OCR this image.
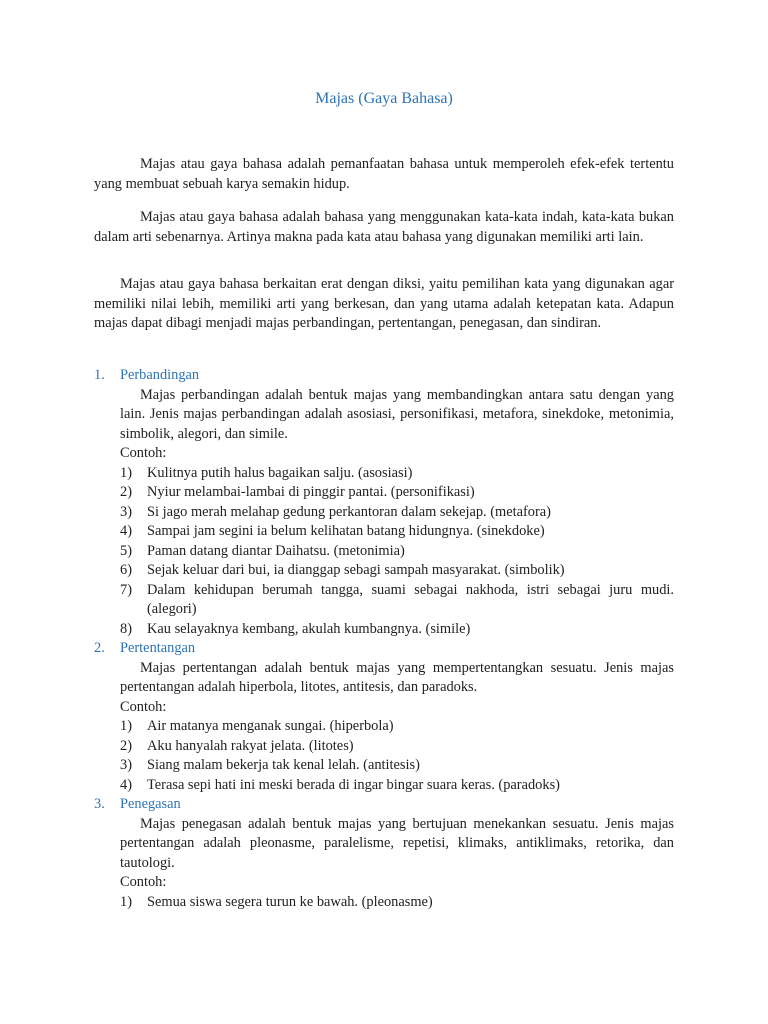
Majas (Gaya Bahasa)

Majas atau gaya bahasa adalah pemanfaatan bahasa untuk memperoleh efek-efek tertentu yang membuat sebuah karya semakin hidup.

Majas atau gaya bahasa adalah bahasa yang menggunakan kata-kata indah, kata-kata bukan dalam arti sebenarnya. Artinya makna pada kata atau bahasa yang digunakan memiliki arti lain.

Majas atau gaya bahasa berkaitan erat dengan diksi, yaitu pemilihan kata yang digunakan agar memiliki nilai lebih, memiliki arti yang berkesan, dan yang utama adalah ketepatan kata. Adapun majas dapat dibagi menjadi majas perbandingan, pertentangan, penegasan, dan sindiran.

1.	Perbandingan

Majas perbandingan adalah bentuk majas yang membandingkan antara satu dengan yang lain. Jenis majas perbandingan adalah asosiasi, personifikasi, metafora, sinekdoke, metonimia, simbolik, alegori, dan simile.

Contoh:

1)	Kulitnya putih halus bagaikan salju. (asosiasi)
2)	Nyiur melambai-lambai di pinggir pantai. (personifikasi)
3)	Si jago merah melahap gedung perkantoran dalam sekejap. (metafora)
4)	Sampai jam segini ia belum kelihatan batang hidungnya. (sinekdoke)
5)	Paman datang diantar Daihatsu. (metonimia)
6)	Sejak keluar dari bui, ia dianggap sebagi sampah masyarakat. (simbolik)
7)	Dalam kehidupan berumah tangga, suami sebagai nakhoda, istri sebagai juru mudi. (alegori)
8)	Kau selayaknya kembang, akulah kumbangnya. (simile)
2.	Pertentangan

Majas pertentangan adalah bentuk majas yang mempertentangkan sesuatu. Jenis majas pertentangan adalah hiperbola, litotes, antitesis, dan paradoks.

Contoh:

1)	Air matanya menganak sungai. (hiperbola)
2)	Aku hanyalah rakyat jelata. (litotes)
3)	Siang malam bekerja tak kenal lelah. (antitesis)
4)	Terasa sepi hati ini meski berada di ingar bingar suara keras. (paradoks)
3.	Penegasan

Majas penegasan adalah bentuk majas yang bertujuan menekankan sesuatu. Jenis majas pertentangan adalah pleonasme, paralelisme, repetisi, klimaks, antiklimaks, retorika, dan tautologi.

Contoh:

1)	Semua siswa segera turun ke bawah. (pleonasme)
